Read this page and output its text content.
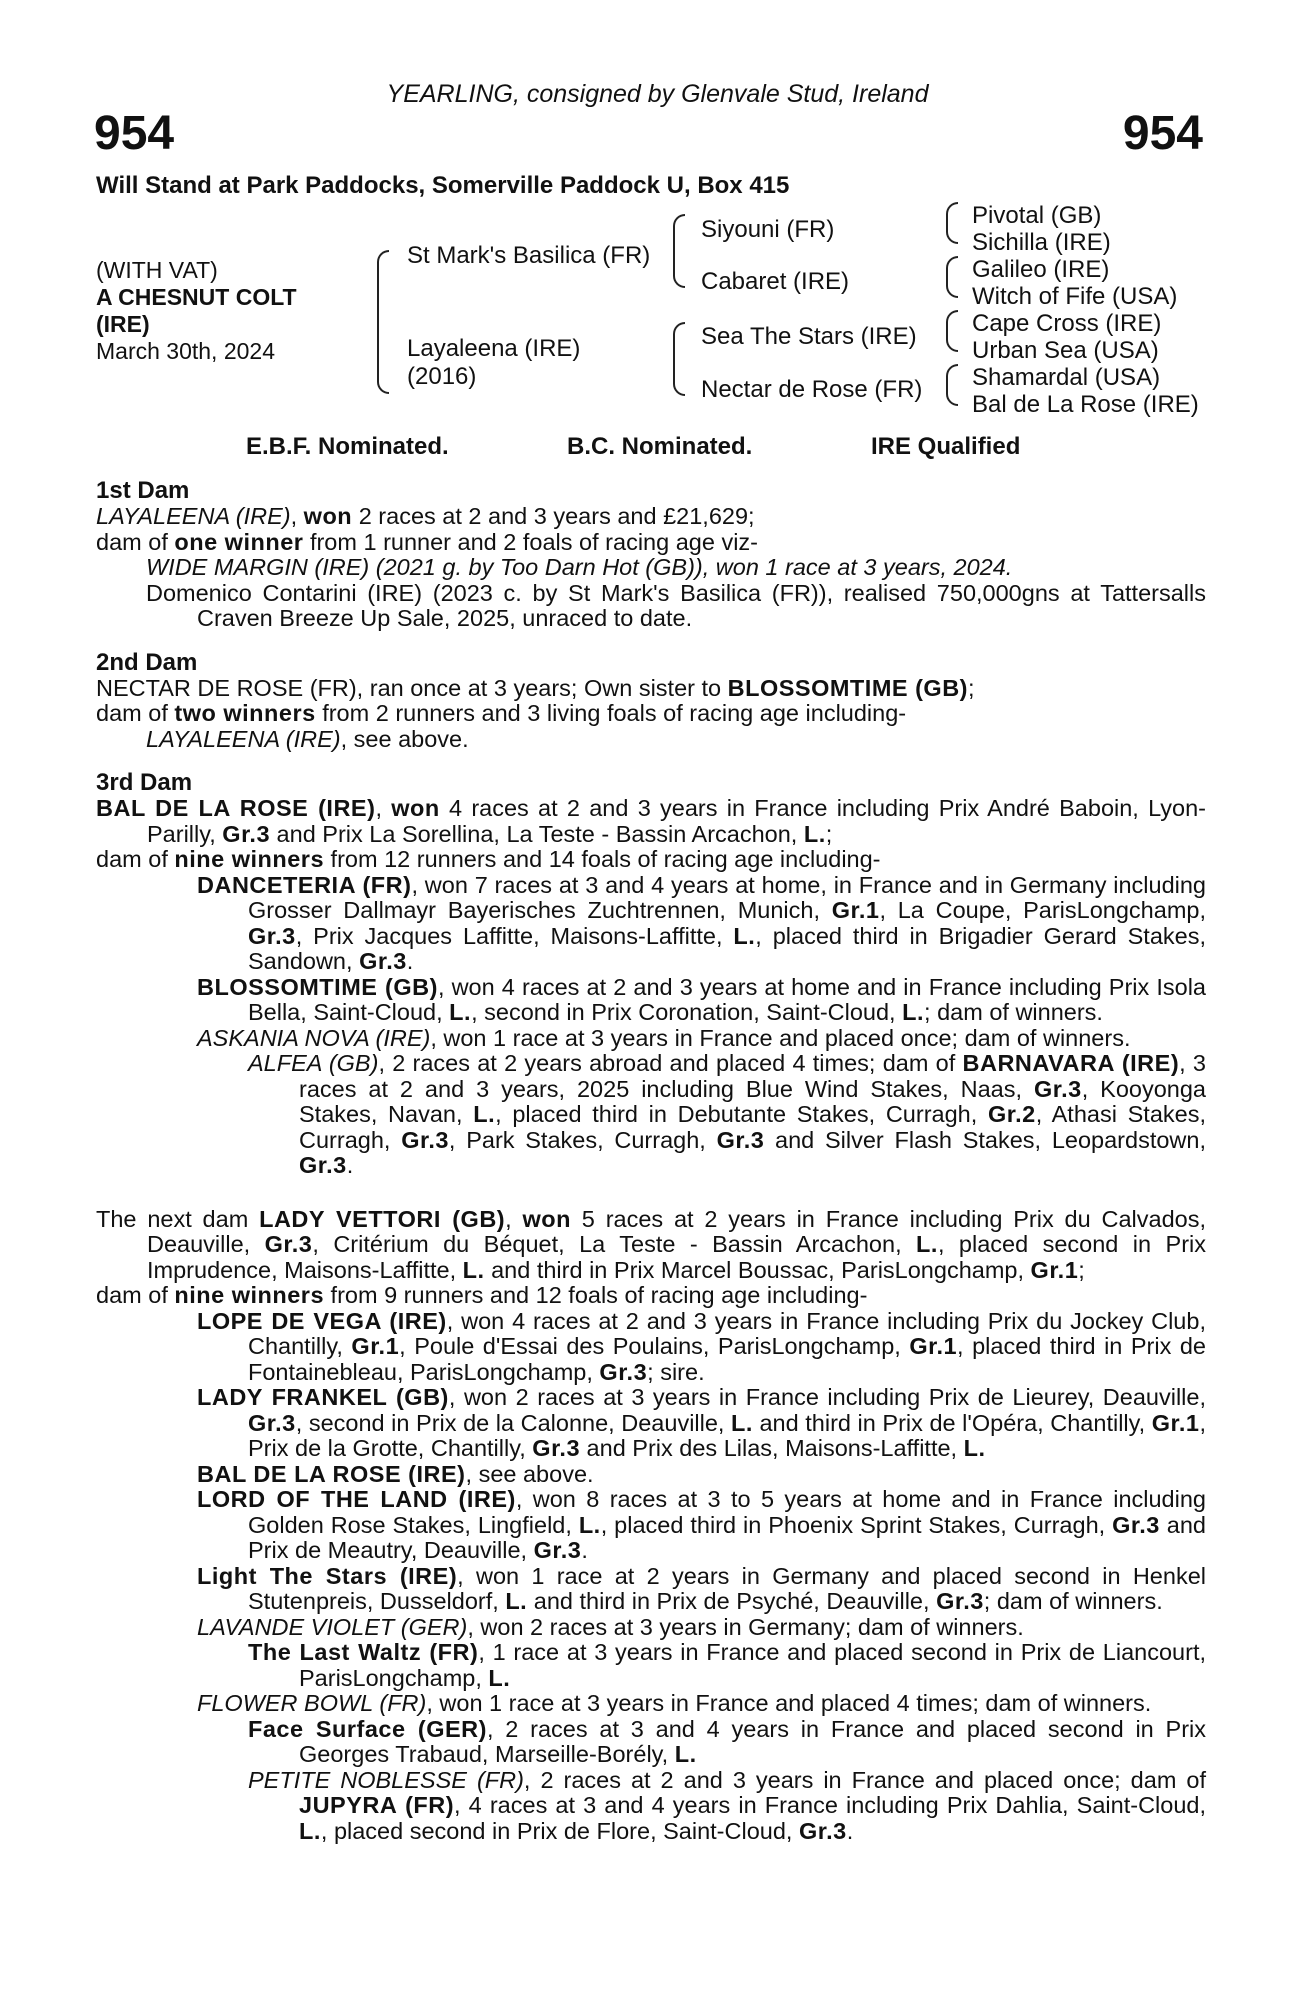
YEARLING, consigned by Glenvale Stud, Ireland
954	954
Will Stand at Park Paddocks, Somerville Paddock U, Box 415
(WITH VAT)
A CHESNUT COLT
(IRE)
March 30th, 2024
St Mark's Basilica (FR)
Layaleena (IRE)
(2016)
Siyouni (FR)
Cabaret (IRE)
Sea The Stars (IRE)
Nectar de Rose (FR)
Pivotal (GB)
Sichilla (IRE)
Galileo (IRE)
Witch of Fife (USA)
Cape Cross (IRE)
Urban Sea (USA)
Shamardal (USA)
Bal de La Rose (IRE)
E.B.F. Nominated.	B.C. Nominated.	IRE Qualified
1st Dam

LAYALEENA (IRE), won 2 races at 2 and 3 years and £21,629;

dam of one winner from 1 runner and 2 foals of racing age viz-

WIDE MARGIN (IRE) (2021 g. by Too Darn Hot (GB)), won 1 race at 3 years, 2024.

Domenico Contarini (IRE) (2023 c. by St Mark's Basilica (FR)), realised 750,000gns at Tattersalls Craven Breeze Up Sale, 2025, unraced to date.

2nd Dam

NECTAR DE ROSE (FR), ran once at 3 years; Own sister to BLOSSOMTIME (GB);

dam of two winners from 2 runners and 3 living foals of racing age including-

LAYALEENA (IRE), see above.

3rd Dam

BAL DE LA ROSE (IRE), won 4 races at 2 and 3 years in France including Prix André Baboin, Lyon-Parilly, Gr.3 and Prix La Sorellina, La Teste - Bassin Arcachon, L.;

dam of nine winners from 12 runners and 14 foals of racing age including-

DANCETERIA (FR), won 7 races at 3 and 4 years at home, in France and in Germany including Grosser Dallmayr Bayerisches Zuchtrennen, Munich, Gr.1, La Coupe, ParisLongchamp, Gr.3, Prix Jacques Laffitte, Maisons-Laffitte, L., placed third in Brigadier Gerard Stakes, Sandown, Gr.3.

BLOSSOMTIME (GB), won 4 races at 2 and 3 years at home and in France including Prix Isola Bella, Saint-Cloud, L., second in Prix Coronation, Saint-Cloud, L.; dam of winners.

ASKANIA NOVA (IRE), won 1 race at 3 years in France and placed once; dam of winners.

ALFEA (GB), 2 races at 2 years abroad and placed 4 times; dam of BARNAVARA (IRE), 3 races at 2 and 3 years, 2025 including Blue Wind Stakes, Naas, Gr.3, Kooyonga Stakes, Navan, L., placed third in Debutante Stakes, Curragh, Gr.2, Athasi Stakes, Curragh, Gr.3, Park Stakes, Curragh, Gr.3 and Silver Flash Stakes, Leopardstown, Gr.3.

The next dam LADY VETTORI (GB), won 5 races at 2 years in France including Prix du Calvados, Deauville, Gr.3, Critérium du Béquet, La Teste - Bassin Arcachon, L., placed second in Prix Imprudence, Maisons-Laffitte, L. and third in Prix Marcel Boussac, ParisLongchamp, Gr.1;

dam of nine winners from 9 runners and 12 foals of racing age including-

LOPE DE VEGA (IRE), won 4 races at 2 and 3 years in France including Prix du Jockey Club, Chantilly, Gr.1, Poule d'Essai des Poulains, ParisLongchamp, Gr.1, placed third in Prix de Fontainebleau, ParisLongchamp, Gr.3; sire.

LADY FRANKEL (GB), won 2 races at 3 years in France including Prix de Lieurey, Deauville, Gr.3, second in Prix de la Calonne, Deauville, L. and third in Prix de l'Opéra, Chantilly, Gr.1, Prix de la Grotte, Chantilly, Gr.3 and Prix des Lilas, Maisons-Laffitte, L.

BAL DE LA ROSE (IRE), see above.

LORD OF THE LAND (IRE), won 8 races at 3 to 5 years at home and in France including Golden Rose Stakes, Lingfield, L., placed third in Phoenix Sprint Stakes, Curragh, Gr.3 and Prix de Meautry, Deauville, Gr.3.

Light The Stars (IRE), won 1 race at 2 years in Germany and placed second in Henkel Stutenpreis, Dusseldorf, L. and third in Prix de Psyché, Deauville, Gr.3; dam of winners.

LAVANDE VIOLET (GER), won 2 races at 3 years in Germany; dam of winners.

The Last Waltz (FR), 1 race at 3 years in France and placed second in Prix de Liancourt, ParisLongchamp, L.

FLOWER BOWL (FR), won 1 race at 3 years in France and placed 4 times; dam of winners.

Face Surface (GER), 2 races at 3 and 4 years in France and placed second in Prix Georges Trabaud, Marseille-Borély, L.

PETITE NOBLESSE (FR), 2 races at 2 and 3 years in France and placed once; dam of JUPYRA (FR), 4 races at 3 and 4 years in France including Prix Dahlia, Saint-Cloud, L., placed second in Prix de Flore, Saint-Cloud, Gr.3.
